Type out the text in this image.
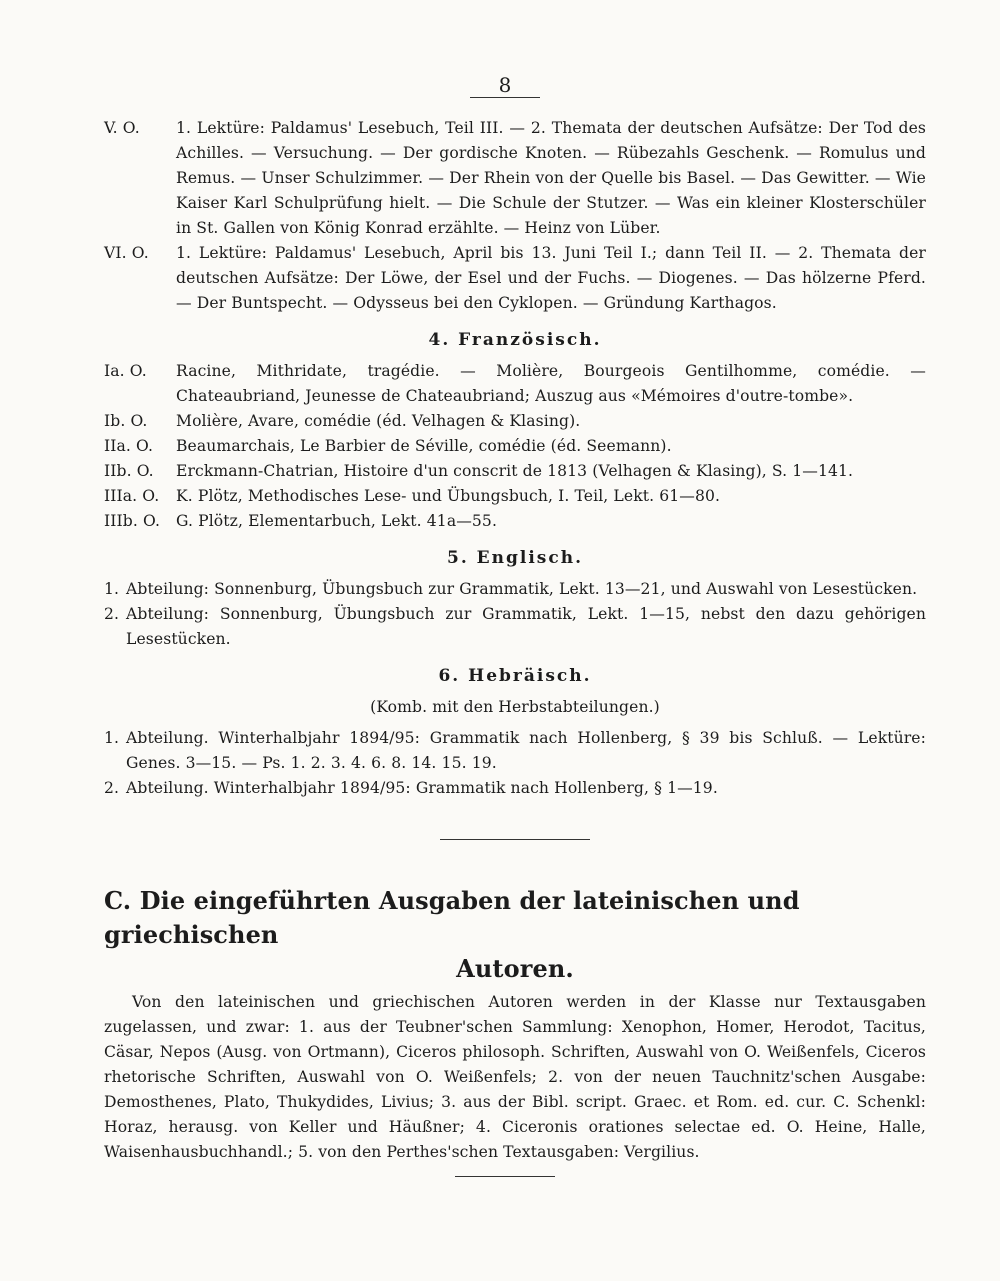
8
V. O.	1. Lektüre: Paldamus' Lesebuch, Teil III. — 2. Themata der deutschen Aufsätze: Der Tod des Achilles. — Versuchung. — Der gordische Knoten. — Rübezahls Geschenk. — Romulus und Remus. — Unser Schulzimmer. — Der Rhein von der Quelle bis Basel. — Das Gewitter. — Wie Kaiser Karl Schulprüfung hielt. — Die Schule der Stutzer. — Was ein kleiner Klosterschüler in St. Gallen von König Konrad erzählte. — Heinz von Lüber.
VI. O.	1. Lektüre: Paldamus' Lesebuch, April bis 13. Juni Teil I.; dann Teil II. — 2. Themata der deutschen Aufsätze: Der Löwe, der Esel und der Fuchs. — Diogenes. — Das hölzerne Pferd. — Der Buntspecht. — Odysseus bei den Cyklopen. — Gründung Karthagos.
4. Französisch.
Ia. O.	Racine, Mithridate, tragédie. — Molière, Bourgeois Gentilhomme, comédie. — Chateaubriand, Jeunesse de Chateaubriand; Auszug aus «Mémoires d'outre-tombe».
Ib. O.	Molière, Avare, comédie (éd. Velhagen & Klasing).
IIa. O.	Beaumarchais, Le Barbier de Séville, comédie (éd. Seemann).
IIb. O.	Erckmann-Chatrian, Histoire d'un conscrit de 1813 (Velhagen & Klasing), S. 1—141.
IIIa. O.	K. Plötz, Methodisches Lese- und Übungsbuch, I. Teil, Lekt. 61—80.
IIIb. O.	G. Plötz, Elementarbuch, Lekt. 41a—55.
5. Englisch.
1. Abteilung: Sonnenburg, Übungsbuch zur Grammatik, Lekt. 13—21, und Auswahl von Lesestücken.
2. Abteilung: Sonnenburg, Übungsbuch zur Grammatik, Lekt. 1—15, nebst den dazu gehörigen Lesestücken.
6. Hebräisch.
(Komb. mit den Herbstabteilungen.)
1. Abteilung. Winterhalbjahr 1894/95: Grammatik nach Hollenberg, § 39 bis Schluß. — Lektüre: Genes. 3—15. — Ps. 1. 2. 3. 4. 6. 8. 14. 15. 19.
2. Abteilung. Winterhalbjahr 1894/95: Grammatik nach Hollenberg, § 1—19.
C. Die eingeführten Ausgaben der lateinischen und griechischen
Autoren.
Von den lateinischen und griechischen Autoren werden in der Klasse nur Textausgaben zugelassen, und zwar: 1. aus der Teubner'schen Sammlung: Xenophon, Homer, Herodot, Tacitus, Cäsar, Nepos (Ausg. von Ortmann), Ciceros philosoph. Schriften, Auswahl von O. Weißenfels, Ciceros rhetorische Schriften, Auswahl von O. Weißenfels; 2. von der neuen Tauchnitz'schen Ausgabe: Demosthenes, Plato, Thukydides, Livius; 3. aus der Bibl. script. Graec. et Rom. ed. cur. C. Schenkl: Horaz, herausg. von Keller und Häußner; 4. Ciceronis orationes selectae ed. O. Heine, Halle, Waisenhausbuchhandl.; 5. von den Perthes'schen Textausgaben: Vergilius.
